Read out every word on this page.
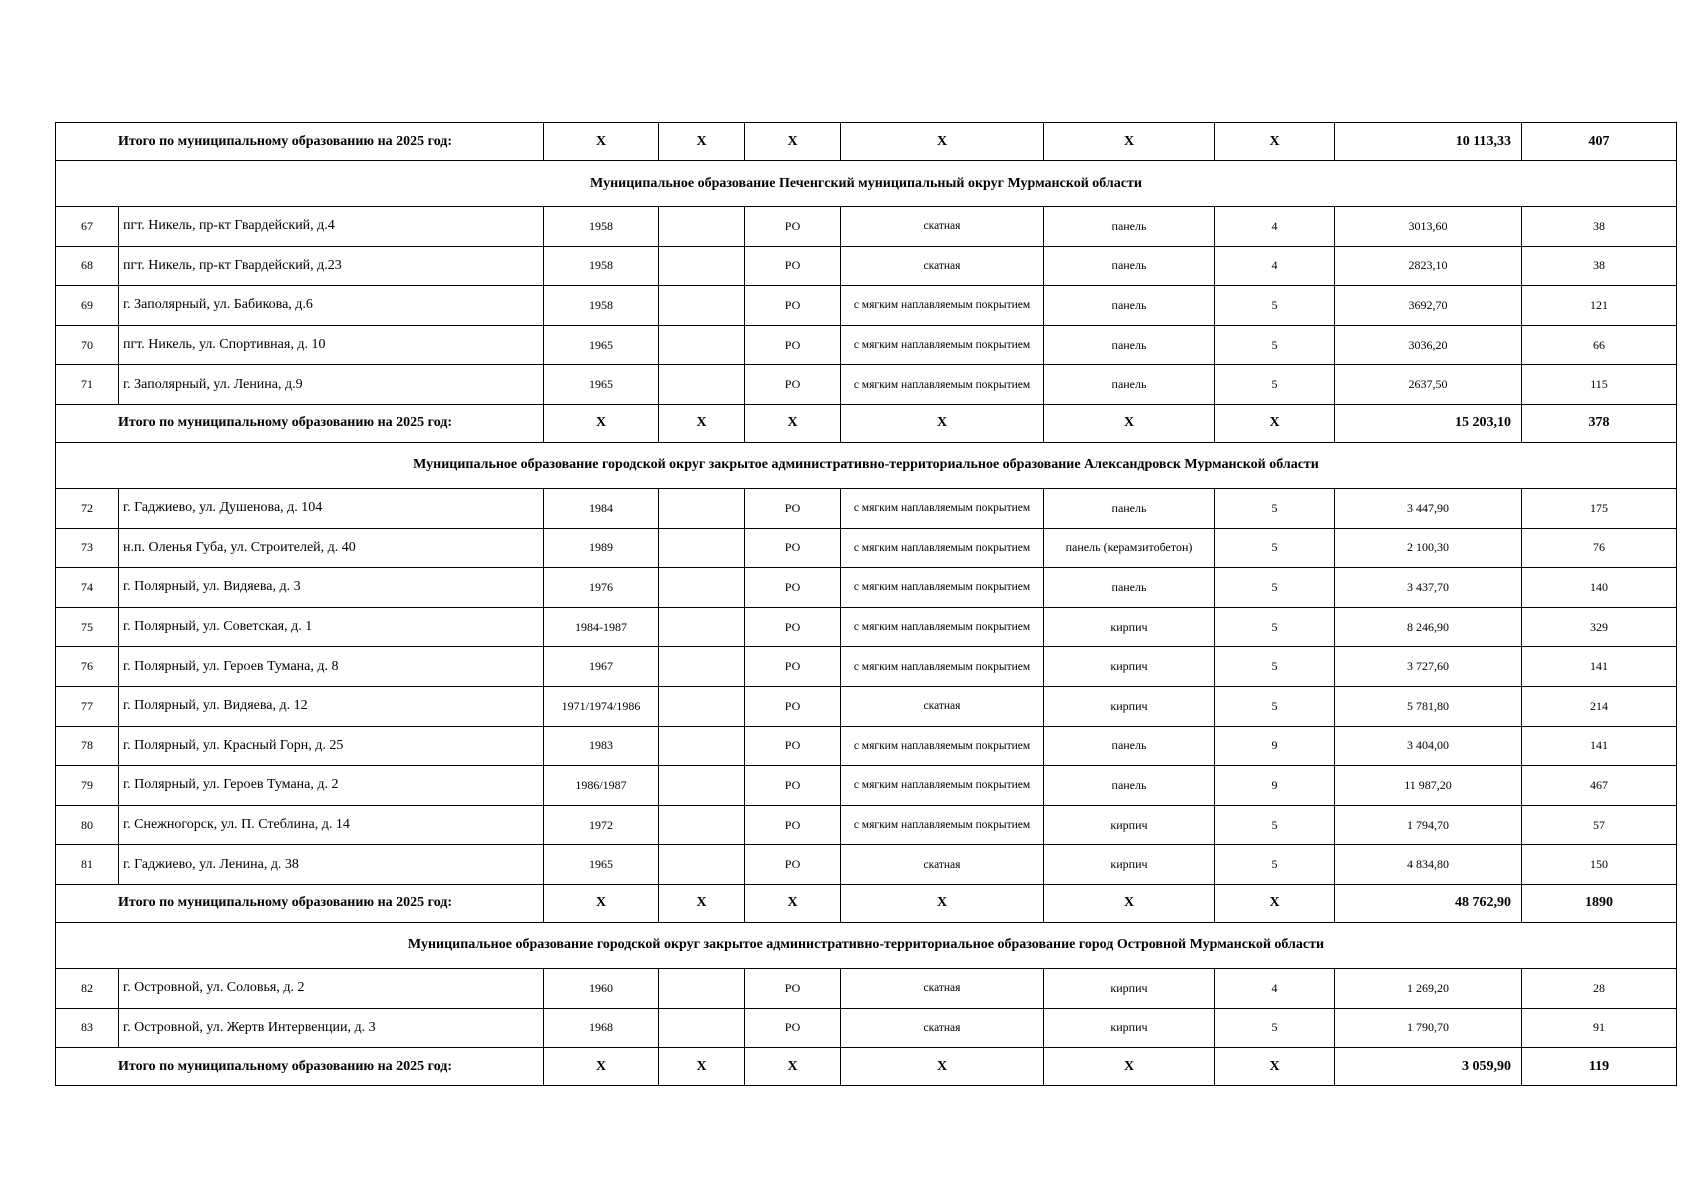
Итого по муниципальному образованию на 2025 год:		X	X	X	X	X	X	10 113,33	407
Муниципальное образование Печенгский муниципальный округ Мурманской области									
67	пгт. Никель, пр-кт Гвардейский, д.4	1958		РО	скатная	панель	4	3013,60	38
68	пгт. Никель, пр-кт Гвардейский, д.23	1958		РО	скатная	панель	4	2823,10	38
69	г. Заполярный, ул. Бабикова, д.6	1958		РО	с мягким наплавляемым покрытием	панель	5	3692,70	121
70	пгт. Никель, ул. Спортивная, д. 10	1965		РО	с мягким наплавляемым покрытием	панель	5	3036,20	66
71	г. Заполярный, ул. Ленина, д.9	1965		РО	с мягким наплавляемым покрытием	панель	5	2637,50	115
Итого по муниципальному образованию на 2025 год:		X	X	X	X	X	X	15 203,10	378
Муниципальное образование городской округ закрытое административно-территориальное образование Александровск Мурманской области									
72	г. Гаджиево, ул. Душенова, д. 104	1984		РО	с мягким наплавляемым покрытием	панель	5	3 447,90	175
73	н.п. Оленья Губа, ул. Строителей, д. 40	1989		РО	с мягким наплавляемым покрытием	панель (керамзитобетон)	5	2 100,30	76
74	г. Полярный, ул. Видяева, д. 3	1976		РО	с мягким наплавляемым покрытием	панель	5	3 437,70	140
75	г. Полярный, ул. Советская, д. 1	1984-1987		РО	с мягким наплавляемым покрытием	кирпич	5	8 246,90	329
76	г. Полярный, ул. Героев Тумана, д. 8	1967		РО	с мягким наплавляемым покрытием	кирпич	5	3 727,60	141
77	г. Полярный, ул. Видяева, д. 12	1971/1974/1986		РО	скатная	кирпич	5	5 781,80	214
78	г. Полярный, ул. Красный Горн, д. 25	1983		РО	с мягким наплавляемым покрытием	панель	9	3 404,00	141
79	г. Полярный, ул. Героев Тумана, д. 2	1986/1987		РО	с мягким наплавляемым покрытием	панель	9	11 987,20	467
80	г. Снежногорск, ул. П. Стеблина, д. 14	1972		РО	с мягким наплавляемым покрытием	кирпич	5	1 794,70	57
81	г. Гаджиево, ул. Ленина, д. 38	1965		РО	скатная	кирпич	5	4 834,80	150
Итого по муниципальному образованию на 2025 год:		X	X	X	X	X	X	48 762,90	1890
Муниципальное образование городской округ закрытое административно-территориальное образование город Островной Мурманской области									
82	г. Островной, ул. Соловья, д. 2	1960		РО	скатная	кирпич	4	1 269,20	28
83	г. Островной, ул. Жертв Интервенции, д. 3	1968		РО	скатная	кирпич	5	1 790,70	91
Итого по муниципальному образованию на 2025 год:		X	X	X	X	X	X	3 059,90	119
